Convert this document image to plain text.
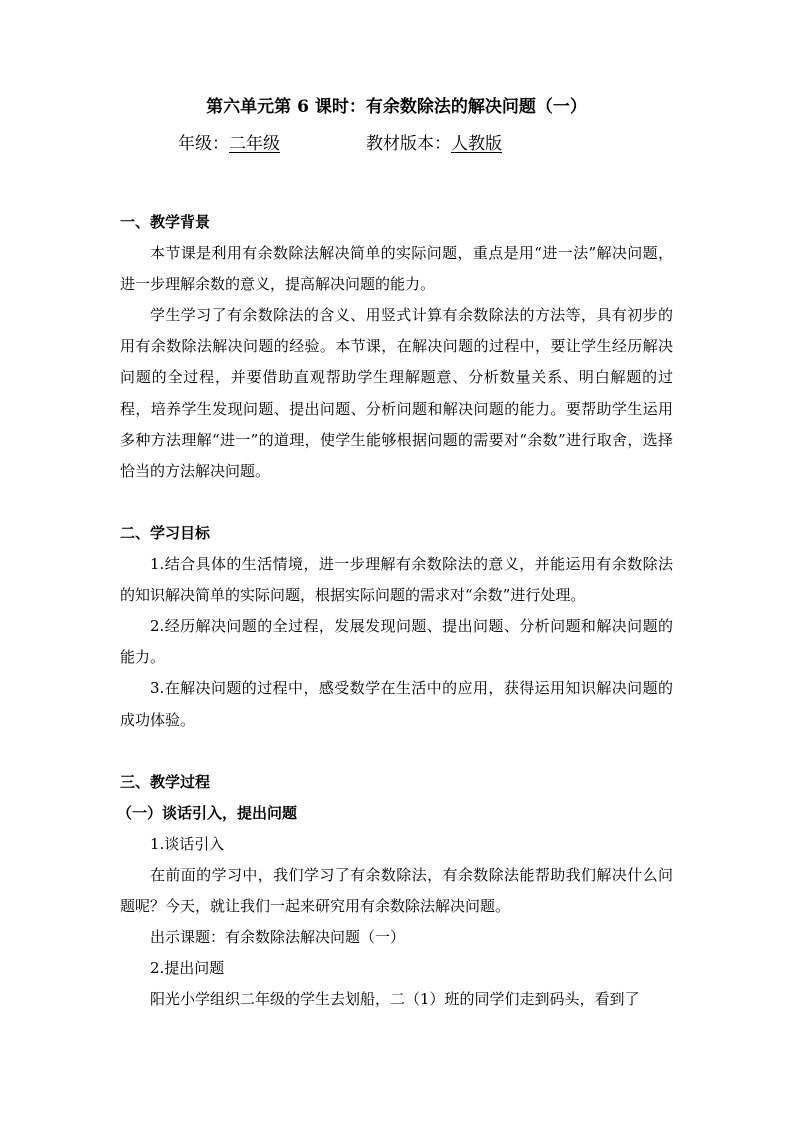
第六单元第 6 课时：有余数除法的解决问题（一）
年级：二年级	教材版本：人教版
一、教学背景

本节课是利用有余数除法解决简单的实际问题，重点是用“进一法”解决问题，进一步理解余数的意义，提高解决问题的能力。

学生学习了有余数除法的含义、用竖式计算有余数除法的方法等，具有初步的用有余数除法解决问题的经验。本节课，在解决问题的过程中，要让学生经历解决问题的全过程，并要借助直观帮助学生理解题意、分析数量关系、明白解题的过程，培养学生发现问题、提出问题、分析问题和解决问题的能力。要帮助学生运用多种方法理解“进一”的道理，使学生能够根据问题的需要对“余数”进行取舍，选择恰当的方法解决问题。

二、学习目标

1.结合具体的生活情境，进一步理解有余数除法的意义，并能运用有余数除法的知识解决简单的实际问题，根据实际问题的需求对“余数”进行处理。

2.经历解决问题的全过程，发展发现问题、提出问题、分析问题和解决问题的能力。

3.在解决问题的过程中，感受数学在生活中的应用，获得运用知识解决问题的成功体验。

三、教学过程
（一）谈话引入，提出问题

1.谈话引入

在前面的学习中，我们学习了有余数除法，有余数除法能帮助我们解决什么问题呢？今天，就让我们一起来研究用有余数除法解决问题。

出示课题：有余数除法解决问题（一）

2.提出问题

阳光小学组织二年级的学生去划船，二（1）班的同学们走到码头，看到了
